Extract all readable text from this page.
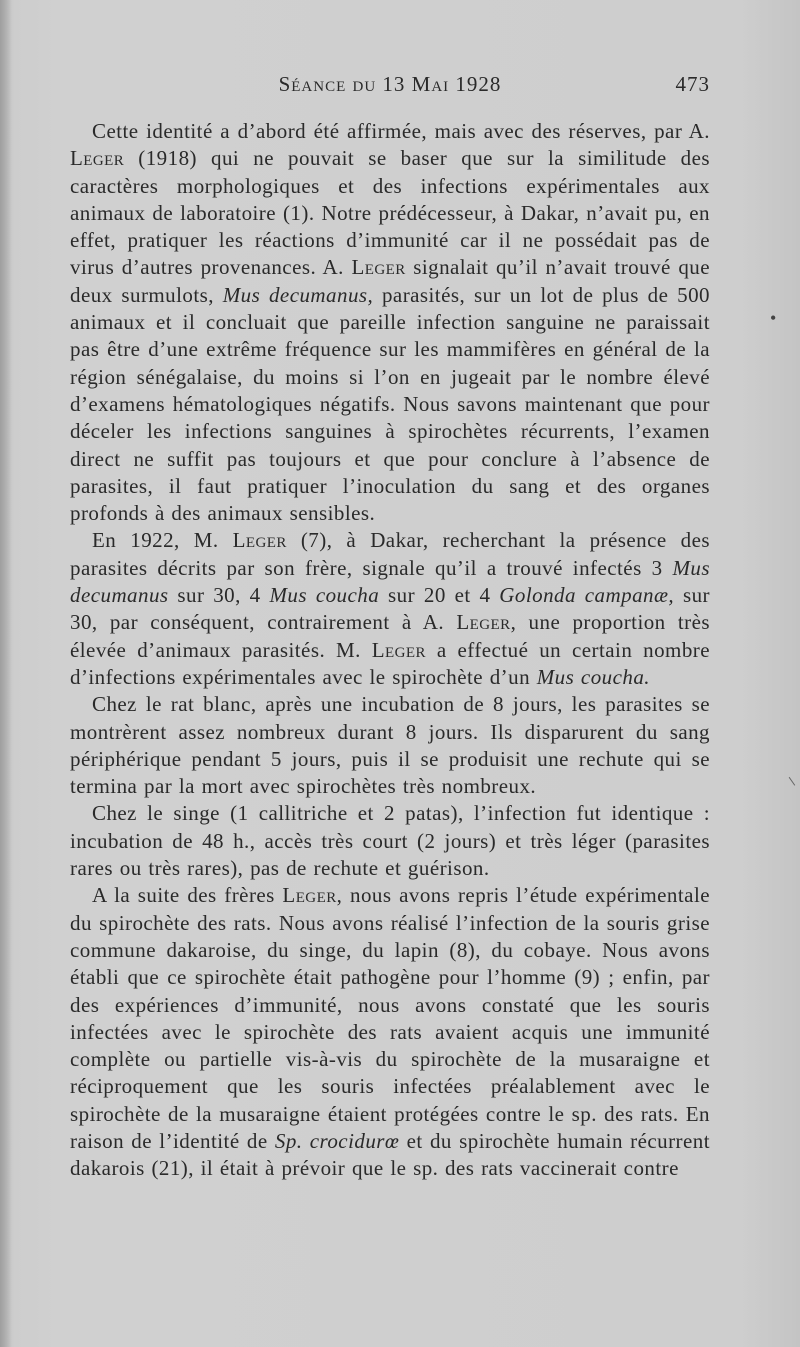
Séance du 13 Mai 1928	473

Cette identité a d’abord été affirmée, mais avec des réserves, par A. Leger (1918) qui ne pouvait se baser que sur la similitude des caractères morphologiques et des infections expérimentales aux animaux de laboratoire (1). Notre prédécesseur, à Dakar, n’avait pu, en effet, pratiquer les réactions d’immunité car il ne possédait pas de virus d’autres provenances. A. Leger signalait qu’il n’avait trouvé que deux surmulots, Mus decumanus, parasités, sur un lot de plus de 500 animaux et il concluait que pareille infection sanguine ne paraissait pas être d’une extrême fréquence sur les mammifères en général de la région sénégalaise, du moins si l’on en jugeait par le nombre élevé d’examens hématologiques négatifs. Nous savons maintenant que pour déceler les infections sanguines à spirochètes récurrents, l’examen direct ne suffit pas toujours et que pour conclure à l’absence de parasites, il faut pratiquer l’inoculation du sang et des organes profonds à des animaux sensibles.

En 1922, M. Leger (7), à Dakar, recherchant la présence des parasites décrits par son frère, signale qu’il a trouvé infectés 3 Mus decumanus sur 30, 4 Mus coucha sur 20 et 4 Golonda campanæ, sur 30, par conséquent, contrairement à A. Leger, une proportion très élevée d’animaux parasités. M. Leger a effectué un certain nombre d’infections expérimentales avec le spirochète d’un Mus coucha.

Chez le rat blanc, après une incubation de 8 jours, les parasites se montrèrent assez nombreux durant 8 jours. Ils disparurent du sang périphérique pendant 5 jours, puis il se produisit une rechute qui se termina par la mort avec spirochètes très nombreux.

Chez le singe (1 callitriche et 2 patas), l’infection fut identique : incubation de 48 h., accès très court (2 jours) et très léger (parasites rares ou très rares), pas de rechute et guérison.

A la suite des frères Leger, nous avons repris l’étude expérimentale du spirochète des rats. Nous avons réalisé l’infection de la souris grise commune dakaroise, du singe, du lapin (8), du cobaye. Nous avons établi que ce spirochète était pathogène pour l’homme (9) ; enfin, par des expériences d’immunité, nous avons constaté que les souris infectées avec le spirochète des rats avaient acquis une immunité complète ou partielle vis-à-vis du spirochète de la musaraigne et réciproquement que les souris infectées préalablement avec le spirochète de la musaraigne étaient protégées contre le sp. des rats. En raison de l’identité de Sp. crocidurœ et du spirochète humain récurrent dakarois (21), il était à prévoir que le sp. des rats vaccinerait contre

•
